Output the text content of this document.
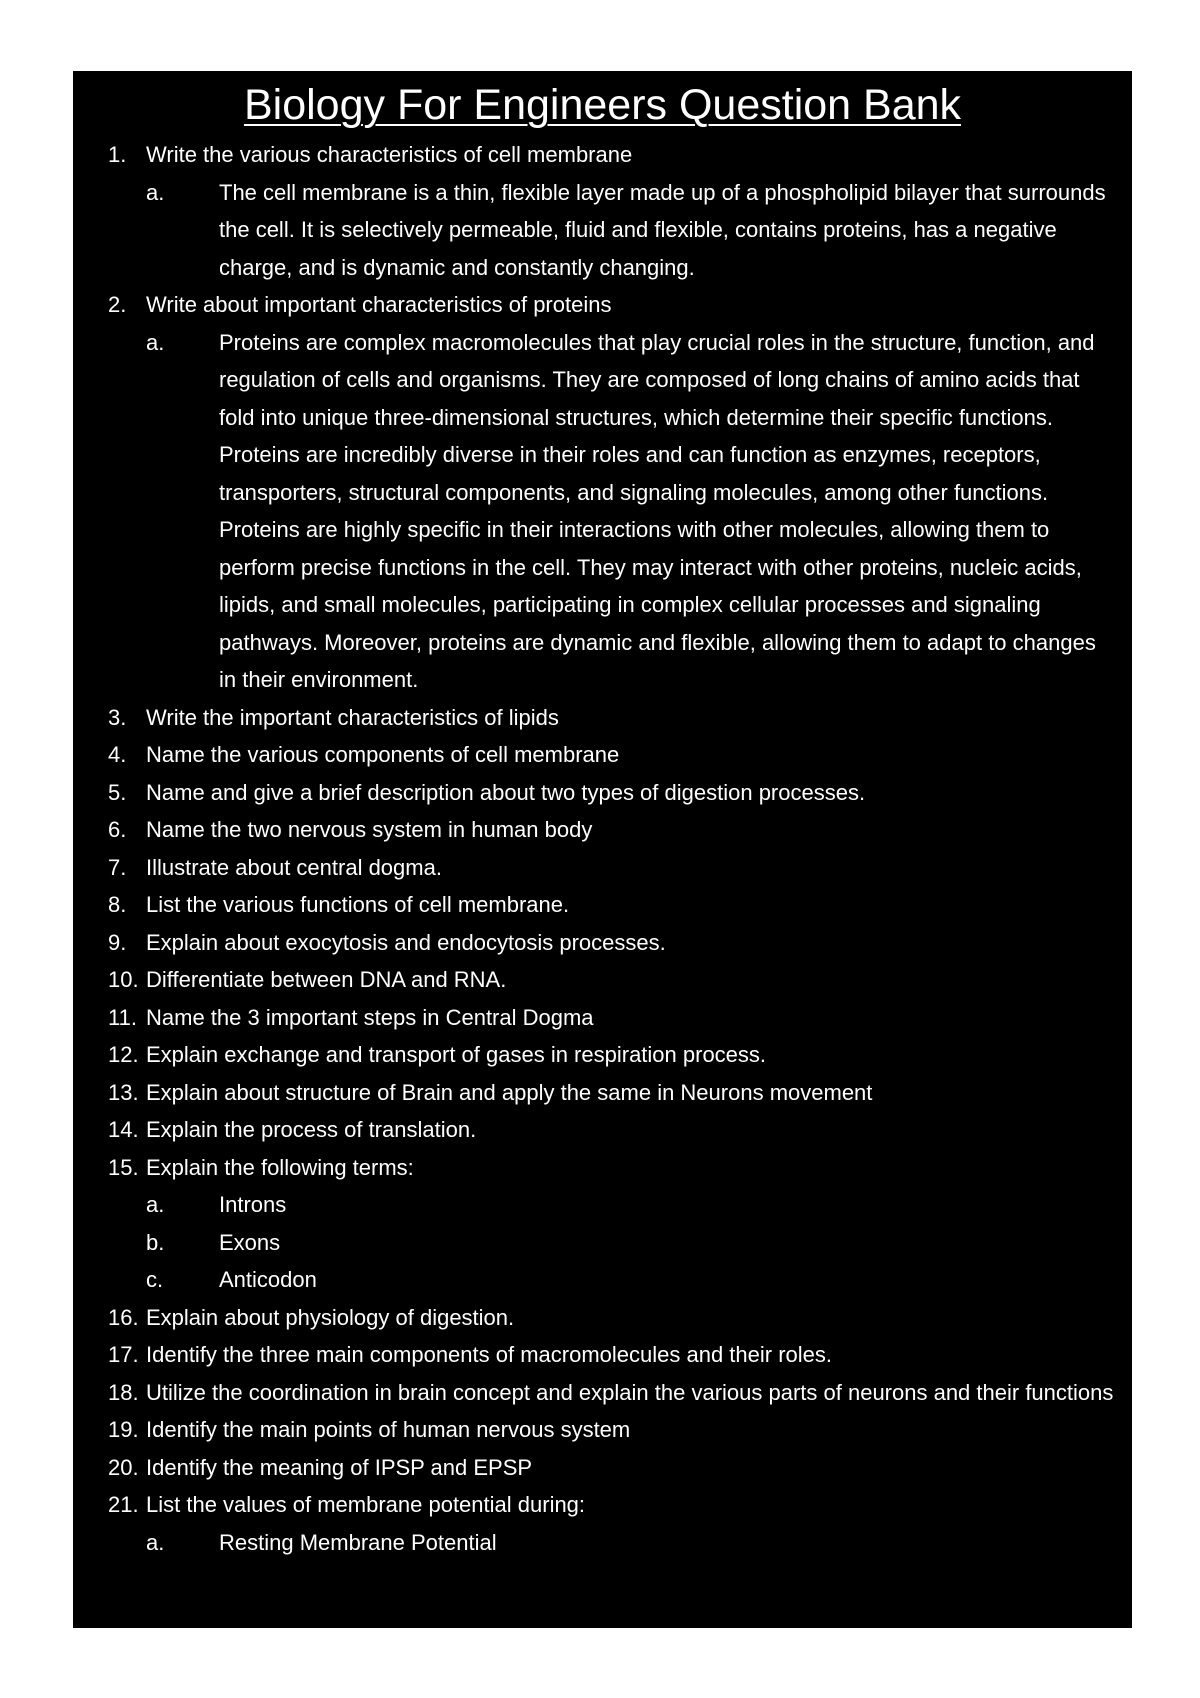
Biology For Engineers Question Bank
1. Write the various characteristics of cell membrane
a. The cell membrane is a thin, flexible layer made up of a phospholipid bilayer that surrounds the cell. It is selectively permeable, fluid and flexible, contains proteins, has a negative charge, and is dynamic and constantly changing.
2. Write about important characteristics of proteins
a. Proteins are complex macromolecules that play crucial roles in the structure, function, and regulation of cells and organisms. They are composed of long chains of amino acids that fold into unique three-dimensional structures, which determine their specific functions. Proteins are incredibly diverse in their roles and can function as enzymes, receptors, transporters, structural components, and signaling molecules, among other functions.
Proteins are highly specific in their interactions with other molecules, allowing them to perform precise functions in the cell. They may interact with other proteins, nucleic acids, lipids, and small molecules, participating in complex cellular processes and signaling pathways. Moreover, proteins are dynamic and flexible, allowing them to adapt to changes in their environment.
3. Write the important characteristics of lipids
4. Name the various components of cell membrane
5. Name and give a brief description about two types of digestion processes.
6. Name the two nervous system in human body
7. Illustrate about central dogma.
8. List the various functions of cell membrane.
9. Explain about exocytosis and endocytosis processes.
10. Differentiate between DNA and RNA.
11. Name the 3 important steps in Central Dogma
12. Explain exchange and transport of gases in respiration process.
13. Explain about structure of Brain and apply the same in Neurons movement
14. Explain the process of translation.
15. Explain the following terms:
a. Introns
b. Exons
c.	Anticodon
16. Explain about physiology of digestion.
17. Identify the three main components of macromolecules and their roles.
18. Utilize the coordination in brain concept and explain the various parts of neurons and their functions
19. Identify the main points of human nervous system
20. Identify the meaning of IPSP and EPSP
21. List the values of membrane potential during:
a. Resting Membrane Potential
